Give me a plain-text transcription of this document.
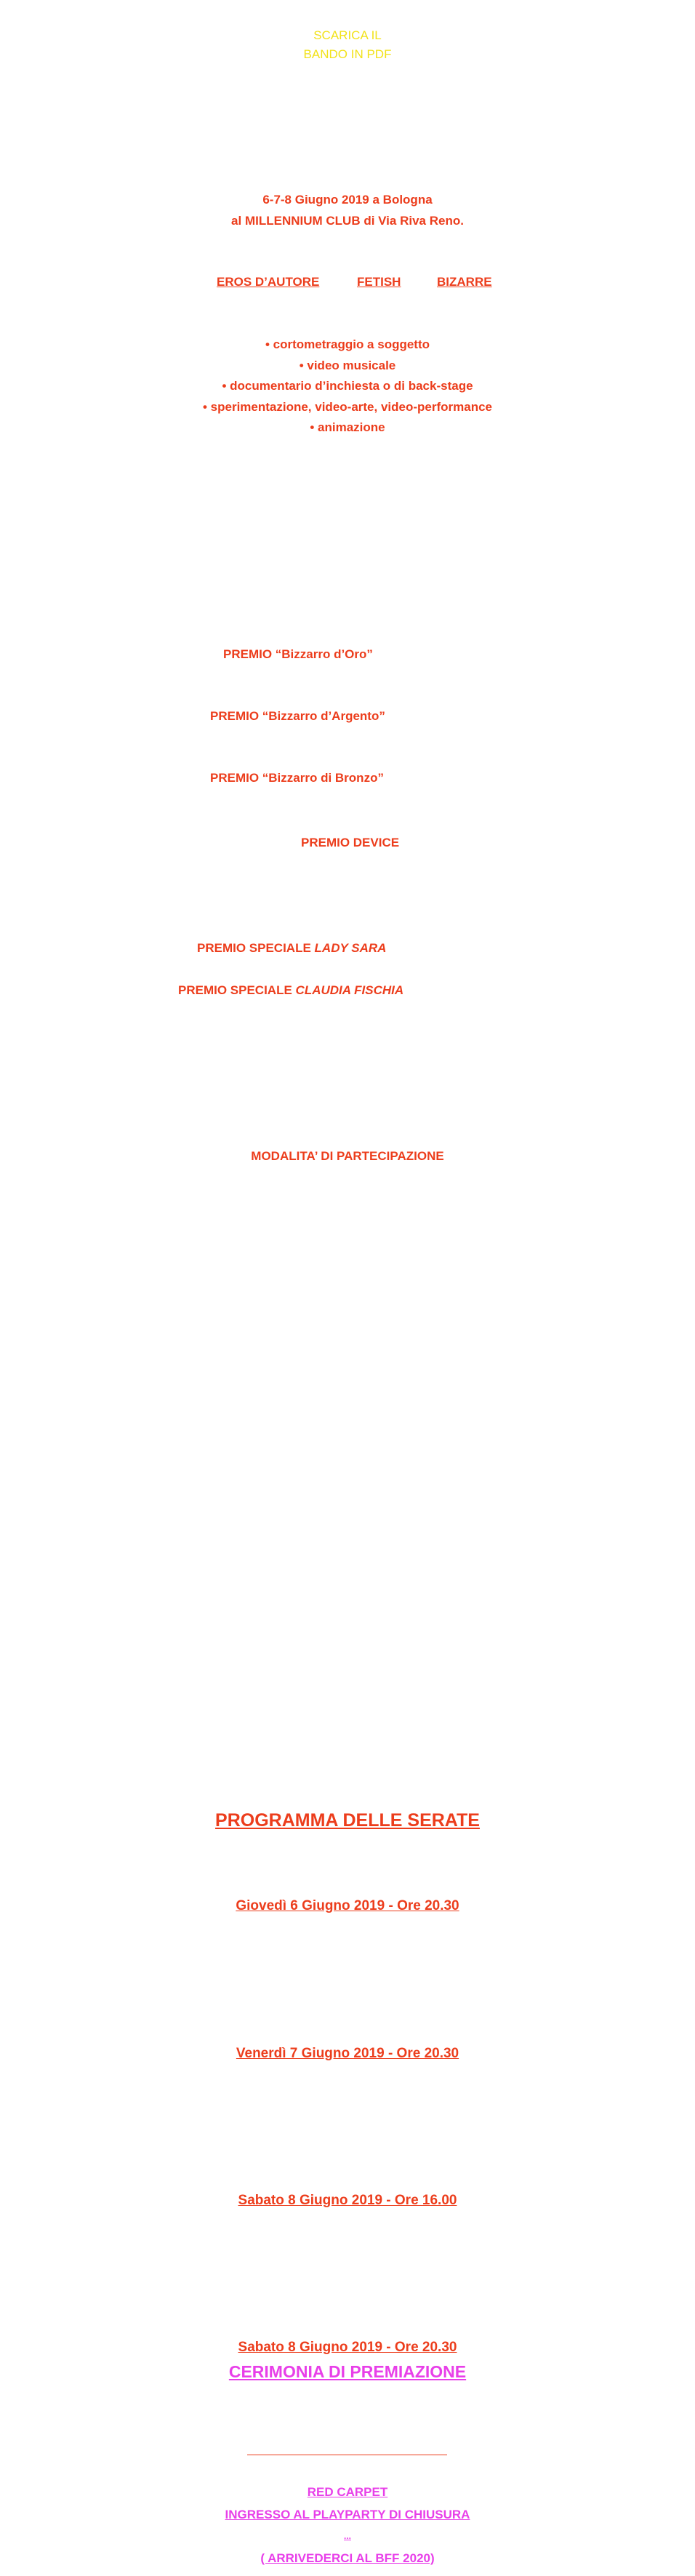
SCARICA IL
BANDO IN PDF
6-7-8 Giugno 2019 a Bologna
al MILLENNIUM CLUB di Via Riva Reno.
EROS D’AUTORE	FETISH	BIZARRE
• cortometraggio a soggetto
• video musicale
• documentario d’inchiesta o di back-stage
• sperimentazione, video-arte, video-performance
• animazione
PREMIO “Bizzarro d’Oro”
PREMIO “Bizzarro d’Argento”
PREMIO “Bizzarro di Bronzo”
PREMIO DEVICE
PREMIO SPECIALE LADY SARA
PREMIO SPECIALE CLAUDIA FISCHIA
MODALITA’ DI PARTECIPAZIONE
PROGRAMMA DELLE SERATE
Giovedì 6 Giugno 2019 - Ore 20.30
Venerdì 7 Giugno 2019 - Ore 20.30
Sabato 8 Giugno 2019 - Ore 16.00
Sabato 8 Giugno 2019 - Ore 20.30
CERIMONIA DI PREMIAZIONE
RED CARPET
INGRESSO AL PLAYPARTY DI CHIUSURA
...
( ARRIVEDERCI AL BFF 2020)
